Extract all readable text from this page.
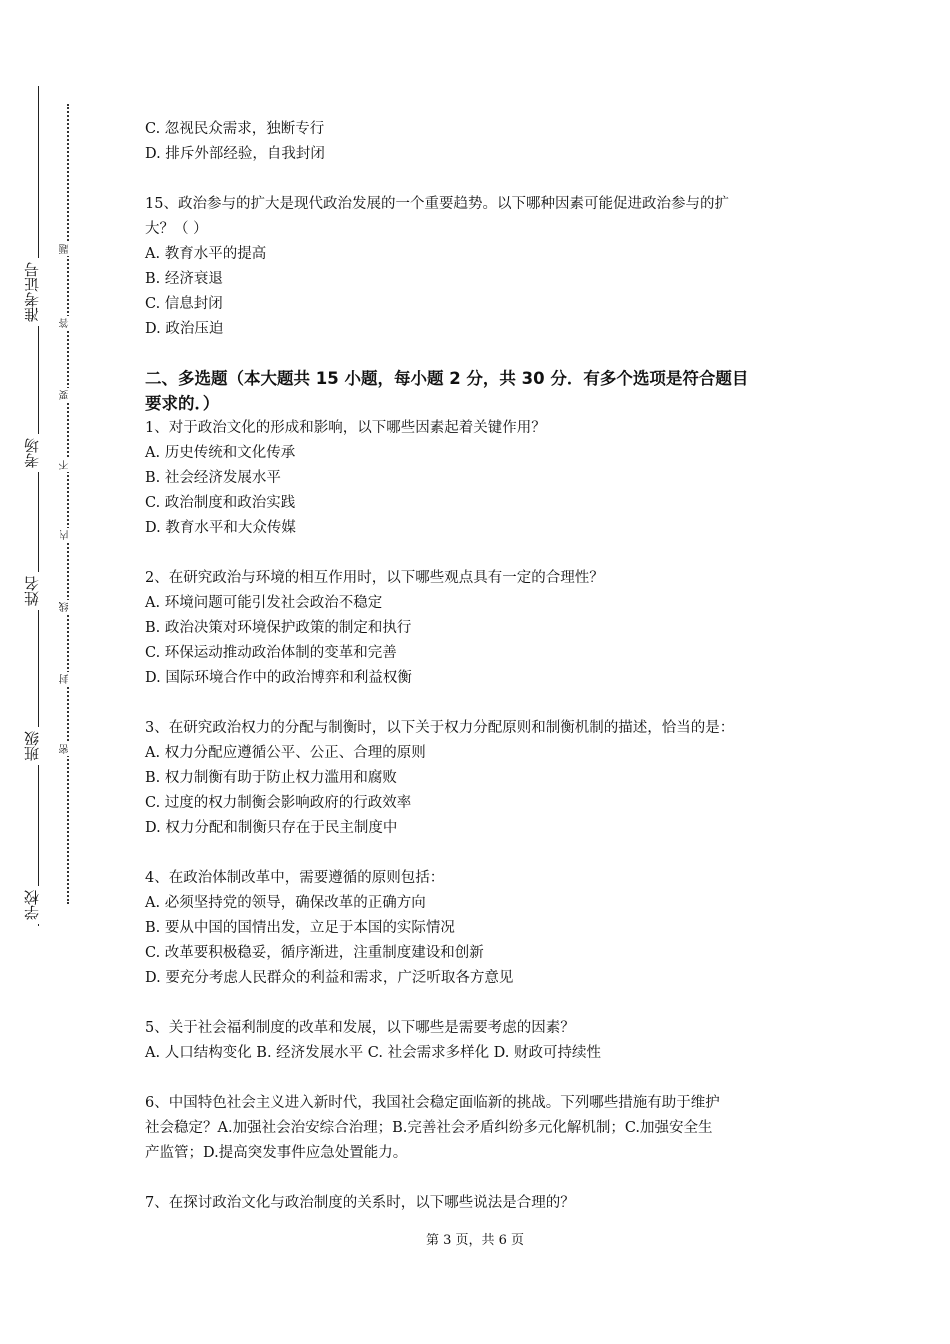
准考证号
考场
姓名
班级
学校
题
答
要
不
内
线
封
密
C. 忽视民众需求，独断专行
D. 排斥外部经验，自我封闭
15、政治参与的扩大是现代政治发展的一个重要趋势。以下哪种因素可能促进政治参与的扩
大？（ ）
A. 教育水平的提高
B. 经济衰退
C. 信息封闭
D. 政治压迫
二、多选题（本大题共 15 小题，每小题 2 分，共 30 分．有多个选项是符合题目
要求的．）
1、对于政治文化的形成和影响，以下哪些因素起着关键作用？
A. 历史传统和文化传承
B. 社会经济发展水平
C. 政治制度和政治实践
D. 教育水平和大众传媒
2、在研究政治与环境的相互作用时，以下哪些观点具有一定的合理性？
A. 环境问题可能引发社会政治不稳定
B. 政治决策对环境保护政策的制定和执行
C. 环保运动推动政治体制的变革和完善
D. 国际环境合作中的政治博弈和利益权衡
3、在研究政治权力的分配与制衡时，以下关于权力分配原则和制衡机制的描述，恰当的是：
A. 权力分配应遵循公平、公正、合理的原则
B. 权力制衡有助于防止权力滥用和腐败
C. 过度的权力制衡会影响政府的行政效率
D. 权力分配和制衡只存在于民主制度中
4、在政治体制改革中，需要遵循的原则包括：
A. 必须坚持党的领导，确保改革的正确方向
B. 要从中国的国情出发，立足于本国的实际情况
C. 改革要积极稳妥，循序渐进，注重制度建设和创新
D. 要充分考虑人民群众的利益和需求，广泛听取各方意见
5、关于社会福利制度的改革和发展，以下哪些是需要考虑的因素？
A. 人口结构变化 B. 经济发展水平 C. 社会需求多样化 D. 财政可持续性
6、中国特色社会主义进入新时代，我国社会稳定面临新的挑战。下列哪些措施有助于维护
社会稳定？A.加强社会治安综合治理；B.完善社会矛盾纠纷多元化解机制；C.加强安全生
产监管；D.提高突发事件应急处置能力。
7、在探讨政治文化与政治制度的关系时，以下哪些说法是合理的？
第 3 页，共 6 页
